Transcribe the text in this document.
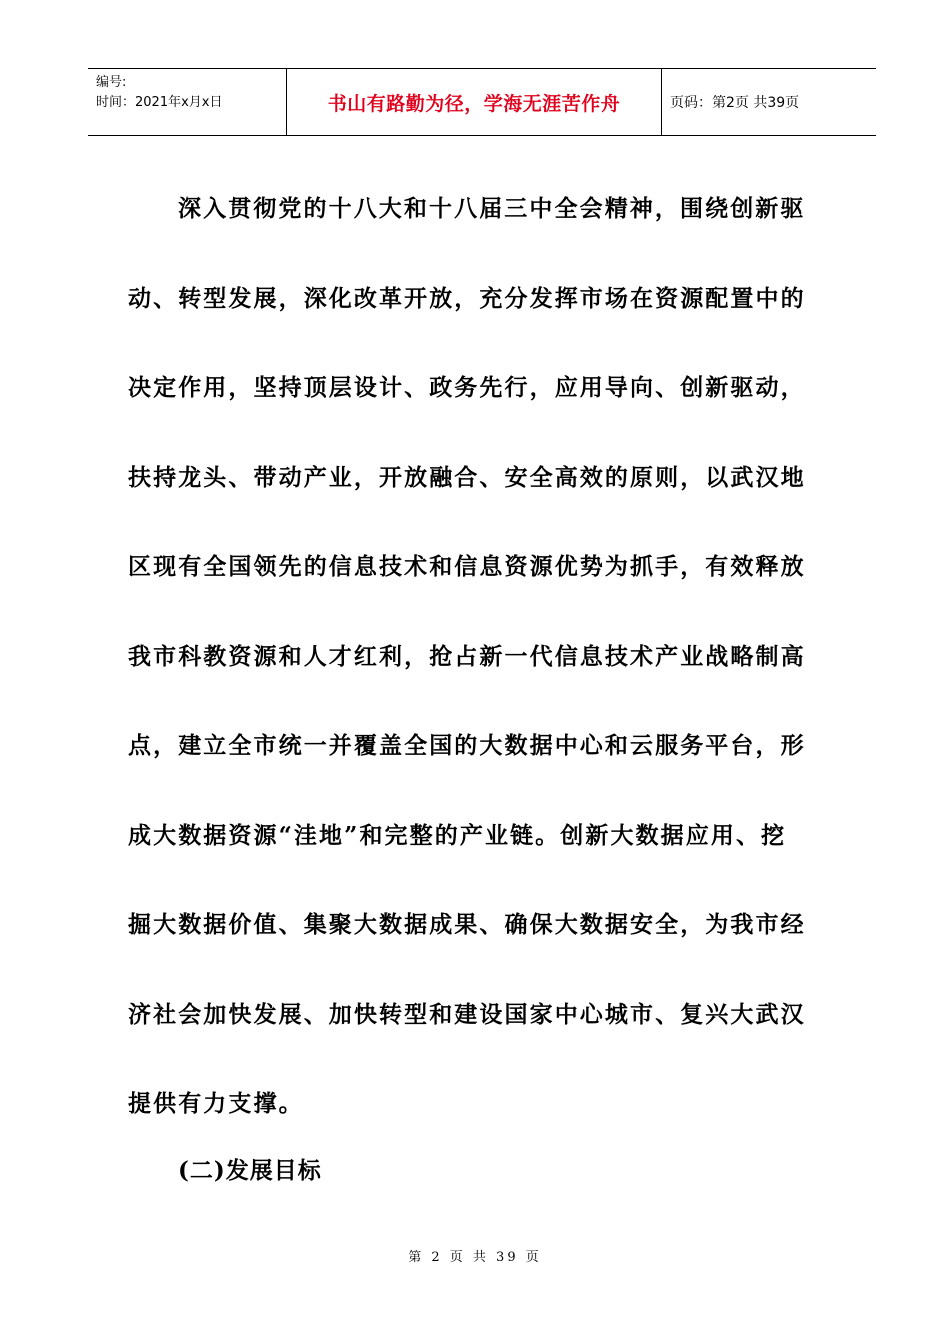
编号:
时间：2021年x月x日	书山有路勤为径，学海无涯苦作舟	页码：第2页 共39页
深入贯彻党的十八大和十八届三中全会精神，围绕创新驱
动、转型发展，深化改革开放，充分发挥市场在资源配置中的
决定作用，坚持顶层设计、政务先行，应用导向、创新驱动，
扶持龙头、带动产业，开放融合、安全高效的原则，以武汉地
区现有全国领先的信息技术和信息资源优势为抓手，有效释放
我市科教资源和人才红利，抢占新一代信息技术产业战略制高
点，建立全市统一并覆盖全国的大数据中心和云服务平台，形
成大数据资源“洼地”和完整的产业链。创新大数据应用、挖
掘大数据价值、集聚大数据成果、确保大数据安全，为我市经
济社会加快发展、加快转型和建设国家中心城市、复兴大武汉
提供有力支撑。
(二)发展目标
第 2 页 共 39 页
